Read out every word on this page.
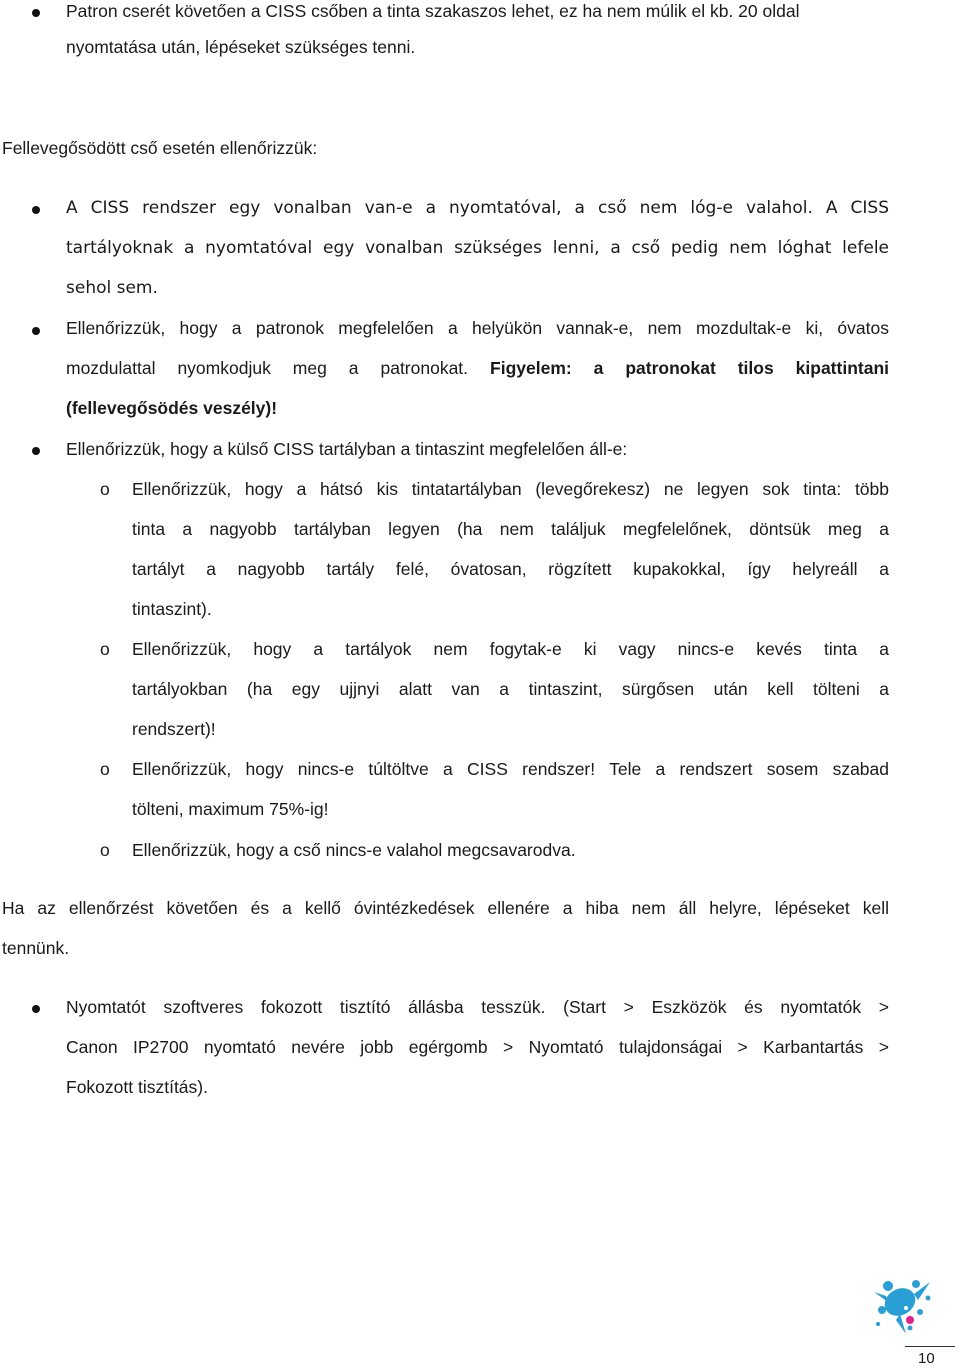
Patron cserét követően a CISS csőben a tinta szakaszos lehet, ez ha nem múlik el kb. 20 oldal
nyomtatása után, lépéseket szükséges tenni.
Fellevegősödött cső esetén ellenőrizzük:
A CISS rendszer egy vonalban van-e a nyomtatóval, a cső nem lóg-e valahol. A CISS
tartályoknak a nyomtatóval egy vonalban szükséges lenni, a cső pedig nem lóghat lefele
sehol sem.
Ellenőrizzük, hogy a patronok megfelelően a helyükön vannak-e, nem mozdultak-e ki, óvatos
mozdulattal nyomkodjuk meg a patronokat. Figyelem: a patronokat tilos kipattintani
(fellevegősödés veszély)!
Ellenőrizzük, hogy a külső CISS tartályban a tintaszint megfelelően áll-e:
o Ellenőrizzük, hogy a hátsó kis tintatartályban (levegőrekesz) ne legyen sok tinta: több
tinta a nagyobb tartályban legyen (ha nem találjuk megfelelőnek, döntsük meg a
tartályt a nagyobb tartály felé, óvatosan, rögzített kupakokkal, így helyreáll a
tintaszint).
o Ellenőrizzük, hogy a tartályok nem fogytak-e ki vagy nincs-e kevés tinta a
tartályokban (ha egy ujjnyi alatt van a tintaszint, sürgősen után kell tölteni a
rendszert)!
o Ellenőrizzük, hogy nincs-e túltöltve a CISS rendszer! Tele a rendszert sosem szabad
tölteni, maximum 75%-ig!
o Ellenőrizzük, hogy a cső nincs-e valahol megcsavarodva.
Ha az ellenőrzést követően és a kellő óvintézkedések ellenére a hiba nem áll helyre, lépéseket kell
tennünk.
Nyomtatót szoftveres fokozott tisztító állásba tesszük. (Start > Eszközök és nyomtatók >
Canon IP2700 nyomtató nevére jobb egérgomb > Nyomtató tulajdonságai > Karbantartás >
Fokozott tisztítás).
10
